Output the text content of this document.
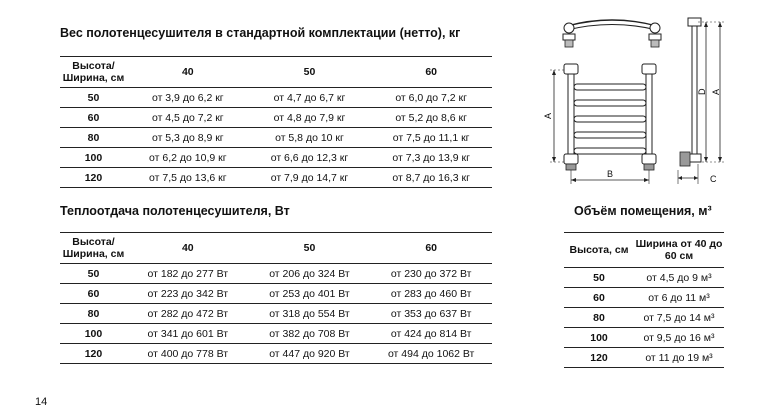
Вес полотенцесушителя в стандартной комплектации (нетто), кг
Высота/Ширина, см	40	50	60
50	от 3,9 до 6,2 кг	от 4,7 до 6,7 кг	от 6,0 до 7,2 кг
60	от 4,5 до 7,2 кг	от 4,8 до 7,9 кг	от 5,2 до 8,6 кг
80	от 5,3 до 8,9 кг	от 5,8 до 10 кг	от 7,5 до 11,1 кг
100	от 6,2 до 10,9 кг	от 6,6 до 12,3 кг	от 7,3 до 13,9 кг
120	от 7,5 до 13,6 кг	от 7,9 до 14,7 кг	от 8,7 до 16,3 кг
Теплоотдача полотенцесушителя, Вт
Высота/Ширина, см	40	50	60
50	от 182 до 277 Вт	от 206 до 324 Вт	от 230 до 372 Вт
60	от 223 до 342 Вт	от 253 до 401 Вт	от 283 до 460 Вт
80	от 282 до 472 Вт	от 318 до 554 Вт	от 353 до 637 Вт
100	от 341 до 601 Вт	от 382 до 708 Вт	от 424 до 814 Вт
120	от 400 до 778 Вт	от 447 до 920 Вт	от 494 до 1062 Вт
Объём помещения, м³
Высота, см	Ширина от 40 до 60 см
50	от 4,5 до 9 м³
60	от 6 до 11 м³
80	от 7,5 до 14 м³
100	от 9,5 до 16 м³
120	от 11 до 19 м³
A
B
D A
C
14
